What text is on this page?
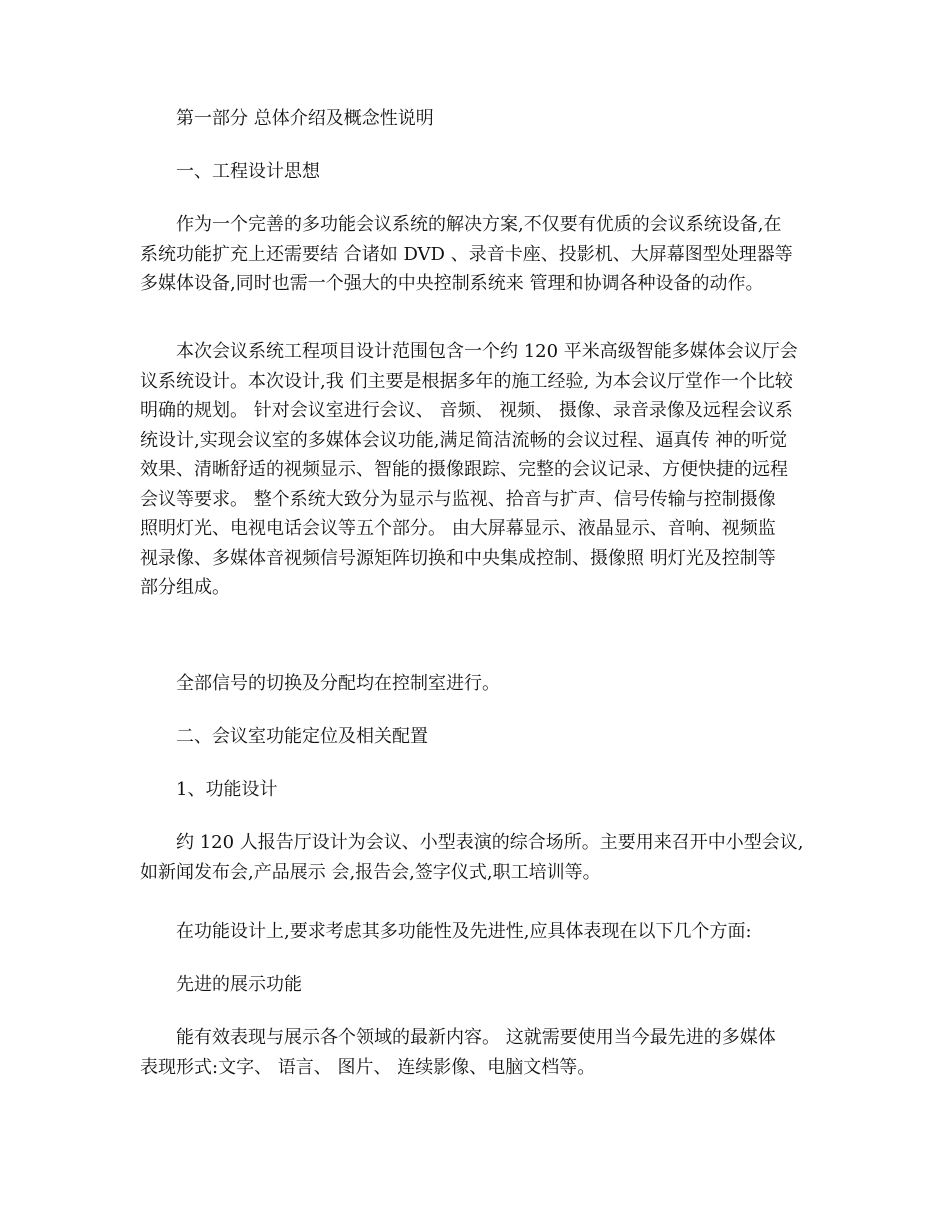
第一部分 总体介绍及概念性说明

一、工程设计思想

作为一个完善的多功能会议系统的解决方案,不仅要有优质的会议系统设备,在
系统功能扩充上还需要结 合诸如 DVD 、录音卡座、投影机、大屏幕图型处理器等
多媒体设备,同时也需一个强大的中央控制系统来 管理和协调各种设备的动作。

本次会议系统工程项目设计范围包含一个约 120 平米高级智能多媒体会议厅会
议系统设计。本次设计,我 们主要是根据多年的施工经验, 为本会议厅堂作一个比较
明确的规划。 针对会议室进行会议、 音频、 视频、 摄像、录音录像及远程会议系
统设计,实现会议室的多媒体会议功能,满足简洁流畅的会议过程、逼真传 神的听觉
效果、清晰舒适的视频显示、智能的摄像跟踪、完整的会议记录、方便快捷的远程
会议等要求。 整个系统大致分为显示与监视、拾音与扩声、信号传输与控制摄像
照明灯光、电视电话会议等五个部分。 由大屏幕显示、液晶显示、音响、视频监
视录像、多媒体音视频信号源矩阵切换和中央集成控制、摄像照 明灯光及控制等
部分组成。

全部信号的切换及分配均在控制室进行。

二、会议室功能定位及相关配置

1、功能设计

约 120 人报告厅设计为会议、小型表演的综合场所。主要用来召开中小型会议,
如新闻发布会,产品展示 会,报告会,签字仪式,职工培训等。

在功能设计上,要求考虑其多功能性及先进性,应具体表现在以下几个方面:

先进的展示功能

能有效表现与展示各个领域的最新内容。 这就需要使用当今最先进的多媒体
表现形式:文字、 语言、 图片、 连续影像、电脑文档等。
